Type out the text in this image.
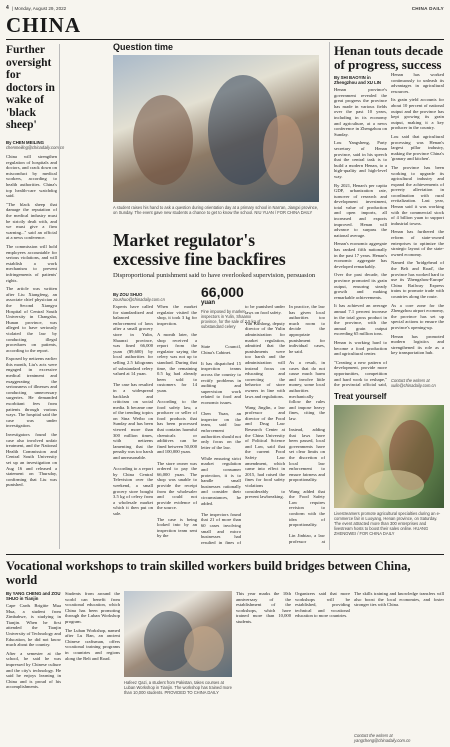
4 | Monday, August 29, 2022	CHINA DAILY
CHINA
Further oversight for doctors in wake of 'black sheep'
By CHEN MEILING
chenmeiling@chinadaily.com.cn

China will strengthen regulation of hospitals and doctors, and crack down on misconduct by medical workers, according to health authorities. China's top health-care watchdog said.

"The black sheep that damage the reputation of the medical industry must be strictly dealt with, and we must give a firm warning..." said an official at a news conference.

The commission will hold employees accountable for serious violations, and will establish a work mechanism to prevent infringements of patients' rights.

The article was written after Liu Xiangfeng, an associate chief physician at the Second Xiangya Hospital of Central South University in Changsha, Hunan province, was alleged to have seriously violated the law by conducting illegal procedures on patients, according to the report.

Exposed by netizens earlier this month, Liu's acts were engaged in excessive medical treatment and exaggerating the seriousness of illnesses and conducting unnecessary surgeries. He demanded exorbitant fees from patients through various ways. The hospital said the case was under investigation.

Investigators found the case also involved unfair treatment, and the National Health Commission and Central South University set up an investigation on Aug 16 and released a statement on Thursday, confirming that Liu was punished.

Question time
A student raises his hand to ask a question during orientation day at a primary school in Nan'an, Jiangxi province, on Sunday. The event gave new students a chance to get to know the school. NIU YUAN / FOR CHINA DAILY
Market regulator's excessive fine backfires
Disproportional punishment said to have overlooked supervision, persuasion
By ZOU SHUO
zoushuo@chinadaily.com.cn
Experts have called for standardized and balanced enforcement of laws after a small grocery store in Yulin, Shaanxi province, was fined 66,000 yuan ($9,600) by local authorities for selling 2.5 kilograms of substandard celery valued at 14 yuan.

The case has resulted in a widespread backlash and criticism on social media. It became one of the trending topics on Sina Weibo on Sunday and has been viewed more than 300 million times, with netizens lamenting that the penalty was too harsh and unreasonable.

According to a report by China Central Television over the weekend, a small grocery store bought 3.5 kg of celery from a wholesale market which it then put on sale.
When the market regulator visited the shop, it took 3 kg for inspection.

A month later, the shop received a report from the regulator saying the celery was not up to standard. During that time, the remaining 0.5 kg had already been sold to customers for 14 yuan.

According to the food safety law, a producer or seller of food products that has been processed that contains harmful chemicals or additives can be fined between 50,000 and 100,000 yuan.

The store owner was ordered to pay the 66,000 yuan. The shop was unable to provide the receipt from the wholesaler and could not provide evidence of the source.

The case is being looked into by an inspection team sent by the
66,000
yuan
Fine imposed by market inspectors in Yulin, Shaanxi province, for the sale of 2.5 kg of substandard celery
State Council, China's Cabinet.

It has dispatched 15 inspection teams across the country to rectify problems in auditing and supervision work related to food and economic issues.

Chen Yuan, an inspector on the team, said law enforcement authorities should not only focus on the letter of the law.

While ensuring strict market regulation and consumer protection, it is to handle small businesses rationally and consider their circumstances, he added.

The inspectors found that 21 of more than 60 cases involving small and micro businesses had resulted in fines of
to be punished under laws on food safety.

Yan Kunlong, deputy director of the Yulin administration for market regulation, admitted that the punishments were too harsh and the administration will instead focus on educating and correcting the behavior of store owners in line with laws and regulations.

Wang Jinglin, a law professor and director of the Food and Drug Law Research Center at the China University of Political Science and Law, said that the current Food Safety Law amendment, which came into effect in 2015, had raised the fines for food safety violations considerably to prevent lawbreaking.
In practice, the law has given local authorities too much room to decide the appropriate punishment for individual cases, he said.

As a result, in cases that do not cause much harm and involve little money, some local authorities mechanically follow the rules and impose heavy fines, citing the law.

Instead, adding that laws have been passed, local governments have set clear limits on the discretion of local law enforcement to ensure fairness and proportionality.

Wang added that the Food Safety Law requires revision to conform with the idea of proportionality.

Lin Jinbiao, a law professor at

Henan touts decade of progress, success
By SHI BAOYIN in Zhengzhou and XU LIN

Henan province's government revealed the great progress the province has made in various fields over the past 10 years, including in its economy and agriculture, at a news conference in Zhengzhou on Sunday.

Lou Yangsheng, Party secretary of Henan province, said in his speech that the central task is to build a modern Henan, to a high-quality and high-level way.

By 2021, Henan's per capita GDP, urbanization rate, turnover of research and development investment, total value of production and open imports, all increased and exports improved. Henan will advance to surpass the national average.

Henan's economic aggregate has ranked fifth nationally in the past 17 years. Henan's economic aggregate has developed remarkably.

Over the past decade, the province promoted its grain output, ensuring steady growth and making remarkable achievements.

It has achieved an average annual 7.1 percent increase in the total gross product in the province, with the annual grain output exceeding 65 million tons.

Henan is working hard to become a food production and agricultural center.

"Creating a new pattern of development, provide more opportunities, competition and hard work to reshape," the provincial official said,

Henan has worked continuously to unleash its advantages in agricultural resources.

Its grain yield accounts for about 10 percent of national output and the province has kept growing its grain output, making it a key producer in the country.

Lou said that agricultural processing was Henan's largest pillar industry, making the province China's 'granary and kitchen'.

The province has been working to upgrade its agricultural industry and expand the achievements of poverty alleviation in coordination with rural revitalization. Last year, Henan said it was working with the commercial stock of 4 billion yuan to support industrial towns.

Henan has furthered the reform of state-owned enterprises to optimize the strategic layout of the state-owned economy.

Named the 'bridgehead of the Belt and Road', the province has worked hard to use its 'Zhengzhou-Europe' China Railway Express trains to promote trade with countries along the route.

As a core zone for the Zhengzhou airport economy, the province has set up special actions to ensure the province's opening-up.

Henan has promoted modern logistics and strengthened its role as a key transportation hub.

Contact the writers at xulin@chinadaily.com.cn
Treat yourself
Livestreamers promote agricultural specialties during an e-commerce fair in Luoyang, Henan province, on Saturday. The event attracted more than 300 enterprises and livestream hosts to boost their sales online. HUANG ZHENGWEI / FOR CHINA DAILY
Vocational workshops to train skilled workers build bridges between China, world
By YANG CHENG and ZOU SHUO in Tianjin

Cape Cards Brigitte Mua Mua, a student from Zimbabwe, is studying in Tianjin. When he first attended the Tianjin University of Technology and Education, he did not know much about the country.

After a semester at the school, he said he was impressed by Chinese culture and the city's technology. He said he enjoys learning in China and is proud of his accomplishments.

Students from around the world can benefit from vocational education, which China has been promoting through the Luban Workshop program.

The Luban Workshop, named after Lu Ban, an ancient Chinese craftsman, offers vocational training programs in countries and regions along the Belt and Road.

Hafeez Qazi, a student from Pakistan, takes courses at Luban Workshop in Tianjin. The workshop has trained more than 10,000 students. PROVIDED TO CHINA DAILY

This year marks the 10th anniversary of the establishment of the workshops, which have trained more than 10,000 students.

Organizers said that more workshops will be established, providing technical and vocational education to more countries.

The skills training and knowledge transfers will also boost the local economies, and foster stronger ties with China.

Contact the writers at yangcheng@chinadaily.com.cn
